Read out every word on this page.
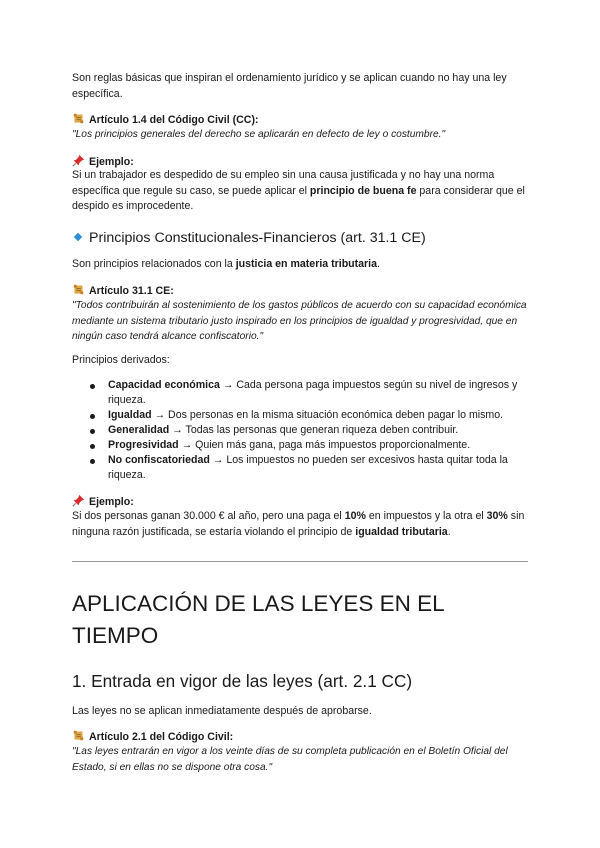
Son reglas básicas que inspiran el ordenamiento jurídico y se aplican cuando no hay una ley específica.

Artículo 1.4 del Código Civil (CC):

"Los principios generales del derecho se aplicarán en defecto de ley o costumbre."

Ejemplo:

Si un trabajador es despedido de su empleo sin una causa justificada y no hay una norma específica que regule su caso, se puede aplicar el principio de buena fe para considerar que el despido es improcedente.

Principios Constitucionales-Financieros (art. 31.1 CE)

Son principios relacionados con la justicia en materia tributaria.

Artículo 31.1 CE:

"Todos contribuirán al sostenimiento de los gastos públicos de acuerdo con su capacidad económica mediante un sistema tributario justo inspirado en los principios de igualdad y progresividad, que en ningún caso tendrá alcance confiscatorio."

Principios derivados:

Capacidad económica → Cada persona paga impuestos según su nivel de ingresos y riqueza.
Igualdad → Dos personas en la misma situación económica deben pagar lo mismo.
Generalidad → Todas las personas que generan riqueza deben contribuir.
Progresividad → Quien más gana, paga más impuestos proporcionalmente.
No confiscatoriedad → Los impuestos no pueden ser excesivos hasta quitar toda la riqueza.

Ejemplo:

Si dos personas ganan 30.000 € al año, pero una paga el 10% en impuestos y la otra el 30% sin ninguna razón justificada, se estaría violando el principio de igualdad tributaria.

APLICACIÓN DE LAS LEYES EN EL TIEMPO
1. Entrada en vigor de las leyes (art. 2.1 CC)

Las leyes no se aplican inmediatamente después de aprobarse.

Artículo 2.1 del Código Civil:

"Las leyes entrarán en vigor a los veinte días de su completa publicación en el Boletín Oficial del Estado, si en ellas no se dispone otra cosa."
